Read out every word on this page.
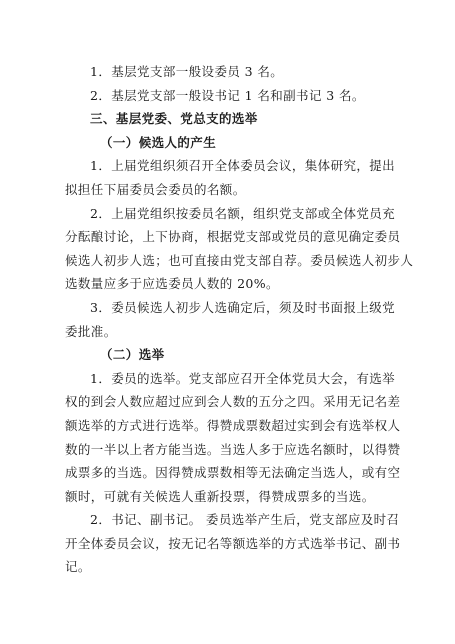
1．基层党支部一般设委员 3 名。
2．基层党支部一般设书记 1 名和副书记 3 名。
三、基层党委、党总支的选举
（一）候选人的产生
1．上届党组织须召开全体委员会议，集体研究，提出
拟担任下届委员会委员的名额。
2．上届党组织按委员名额，组织党支部或全体党员充
分酝酿讨论，上下协商，根据党支部或党员的意见确定委员
候选人初步人选；也可直接由党支部自荐。委员候选人初步人
选数量应多于应选委员人数的 20%。
3．委员候选人初步人选确定后，须及时书面报上级党
委批准。
（二）选举
1．委员的选举。党支部应召开全体党员大会，有选举
权的到会人数应超过应到会人数的五分之四。采用无记名差
额选举的方式进行选举。得赞成票数超过实到会有选举权人
数的一半以上者方能当选。当选人多于应选名额时，以得赞
成票多的当选。因得赞成票数相等无法确定当选人，或有空
额时，可就有关候选人重新投票，得赞成票多的当选。
2．书记、副书记。 委员选举产生后，党支部应及时召
开全体委员会议，按无记名等额选举的方式选举书记、副书
记。
